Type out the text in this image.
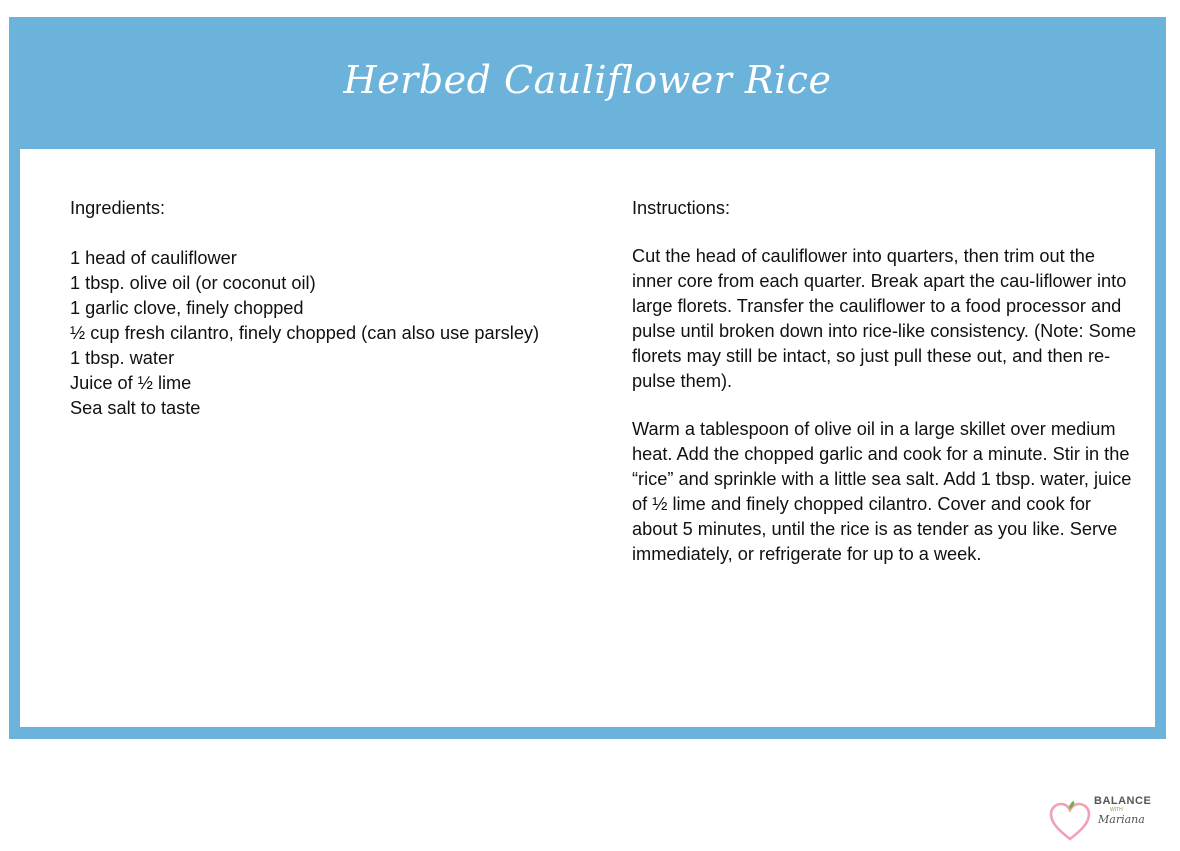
Herbed Cauliflower Rice

Ingredients:

1 head of cauliflower
1 tbsp. olive oil (or coconut oil)
1 garlic clove, finely chopped
½ cup fresh cilantro, finely chopped (can also use parsley)
1 tbsp. water
Juice of ½ lime
Sea salt to taste

Instructions:

Cut the head of cauliflower into quarters, then trim out the inner core from each quarter. Break apart the cau-liflower into large florets. Transfer the cauliflower to a food processor and pulse until broken down into rice-like consistency. (Note: Some florets may still be intact, so just pull these out, and then re-pulse them).

Warm a tablespoon of olive oil in a large skillet over medium heat. Add the chopped garlic and cook for a minute. Stir in the “rice” and sprinkle with a little sea salt. Add 1 tbsp. water, juice of ½ lime and finely chopped cilantro. Cover and cook for about 5 minutes, until the rice is as tender as you like. Serve immediately, or refrigerate for up to a week.

BALANCE
WITH
Mariana
